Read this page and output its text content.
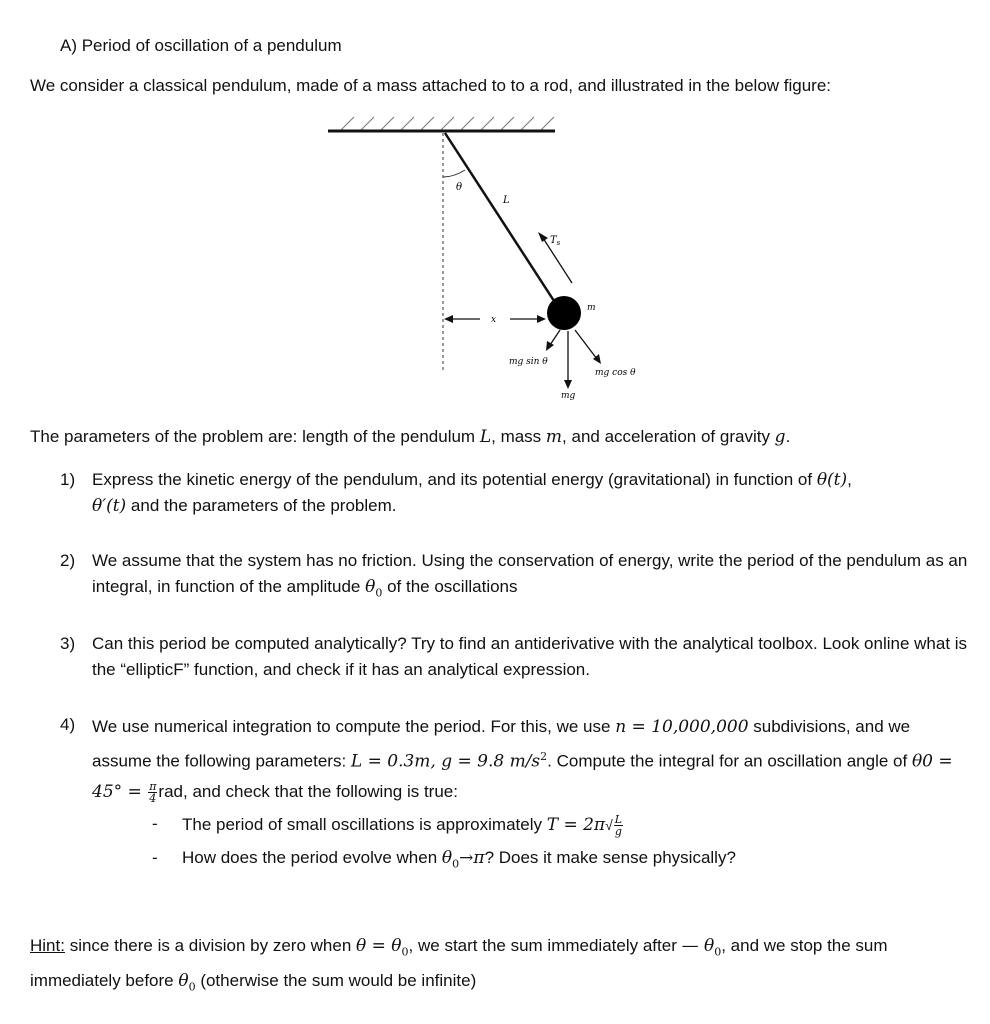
A) Period of oscillation of a pendulum
We consider a classical pendulum, made of a mass attached to to a rod, and illustrated in the below figure:
θ
L
$T_s$
m
x
mg sin θ
mg cos θ
mg
The parameters of the problem are: length of the pendulum L, mass m, and acceleration of gravity g.
1) Express the kinetic energy of the pendulum, and its potential energy (gravitational) in function of θ(t),
θ′(t) and the parameters of the problem.
2) We assume that the system has no friction. Using the conservation of energy, write the period of the pendulum as an integral, in function of the amplitude $\theta_0$ of the oscillations
3) Can this period be computed analytically? Try to find an antiderivative with the analytical toolbox. Look online what is the “ellipticF” function, and check if it has an analytical expression.
4) We use numerical integration to compute the period. For this, we use n = 10,000,000 subdivisions, and we assume the following parameters: L = 0.3m, g = 9.8 $m/s^2$. Compute the integral for an oscillation angle of $\theta 0 = 45^\circ = \frac{\pi}{4}$ rad, and check that the following is true:
- The period of small oscillations is approximately $T = 2\pi√ \frac{L}{g}$
- How does the period evolve when $\theta_0\to\pi$? Does it make sense physically?
Hint: since there is a division by zero when $\theta = \theta_0$, we start the sum immediately after — $\theta_0$, and we stop the sum immediately before $\theta_0$ (otherwise the sum would be infinite)
